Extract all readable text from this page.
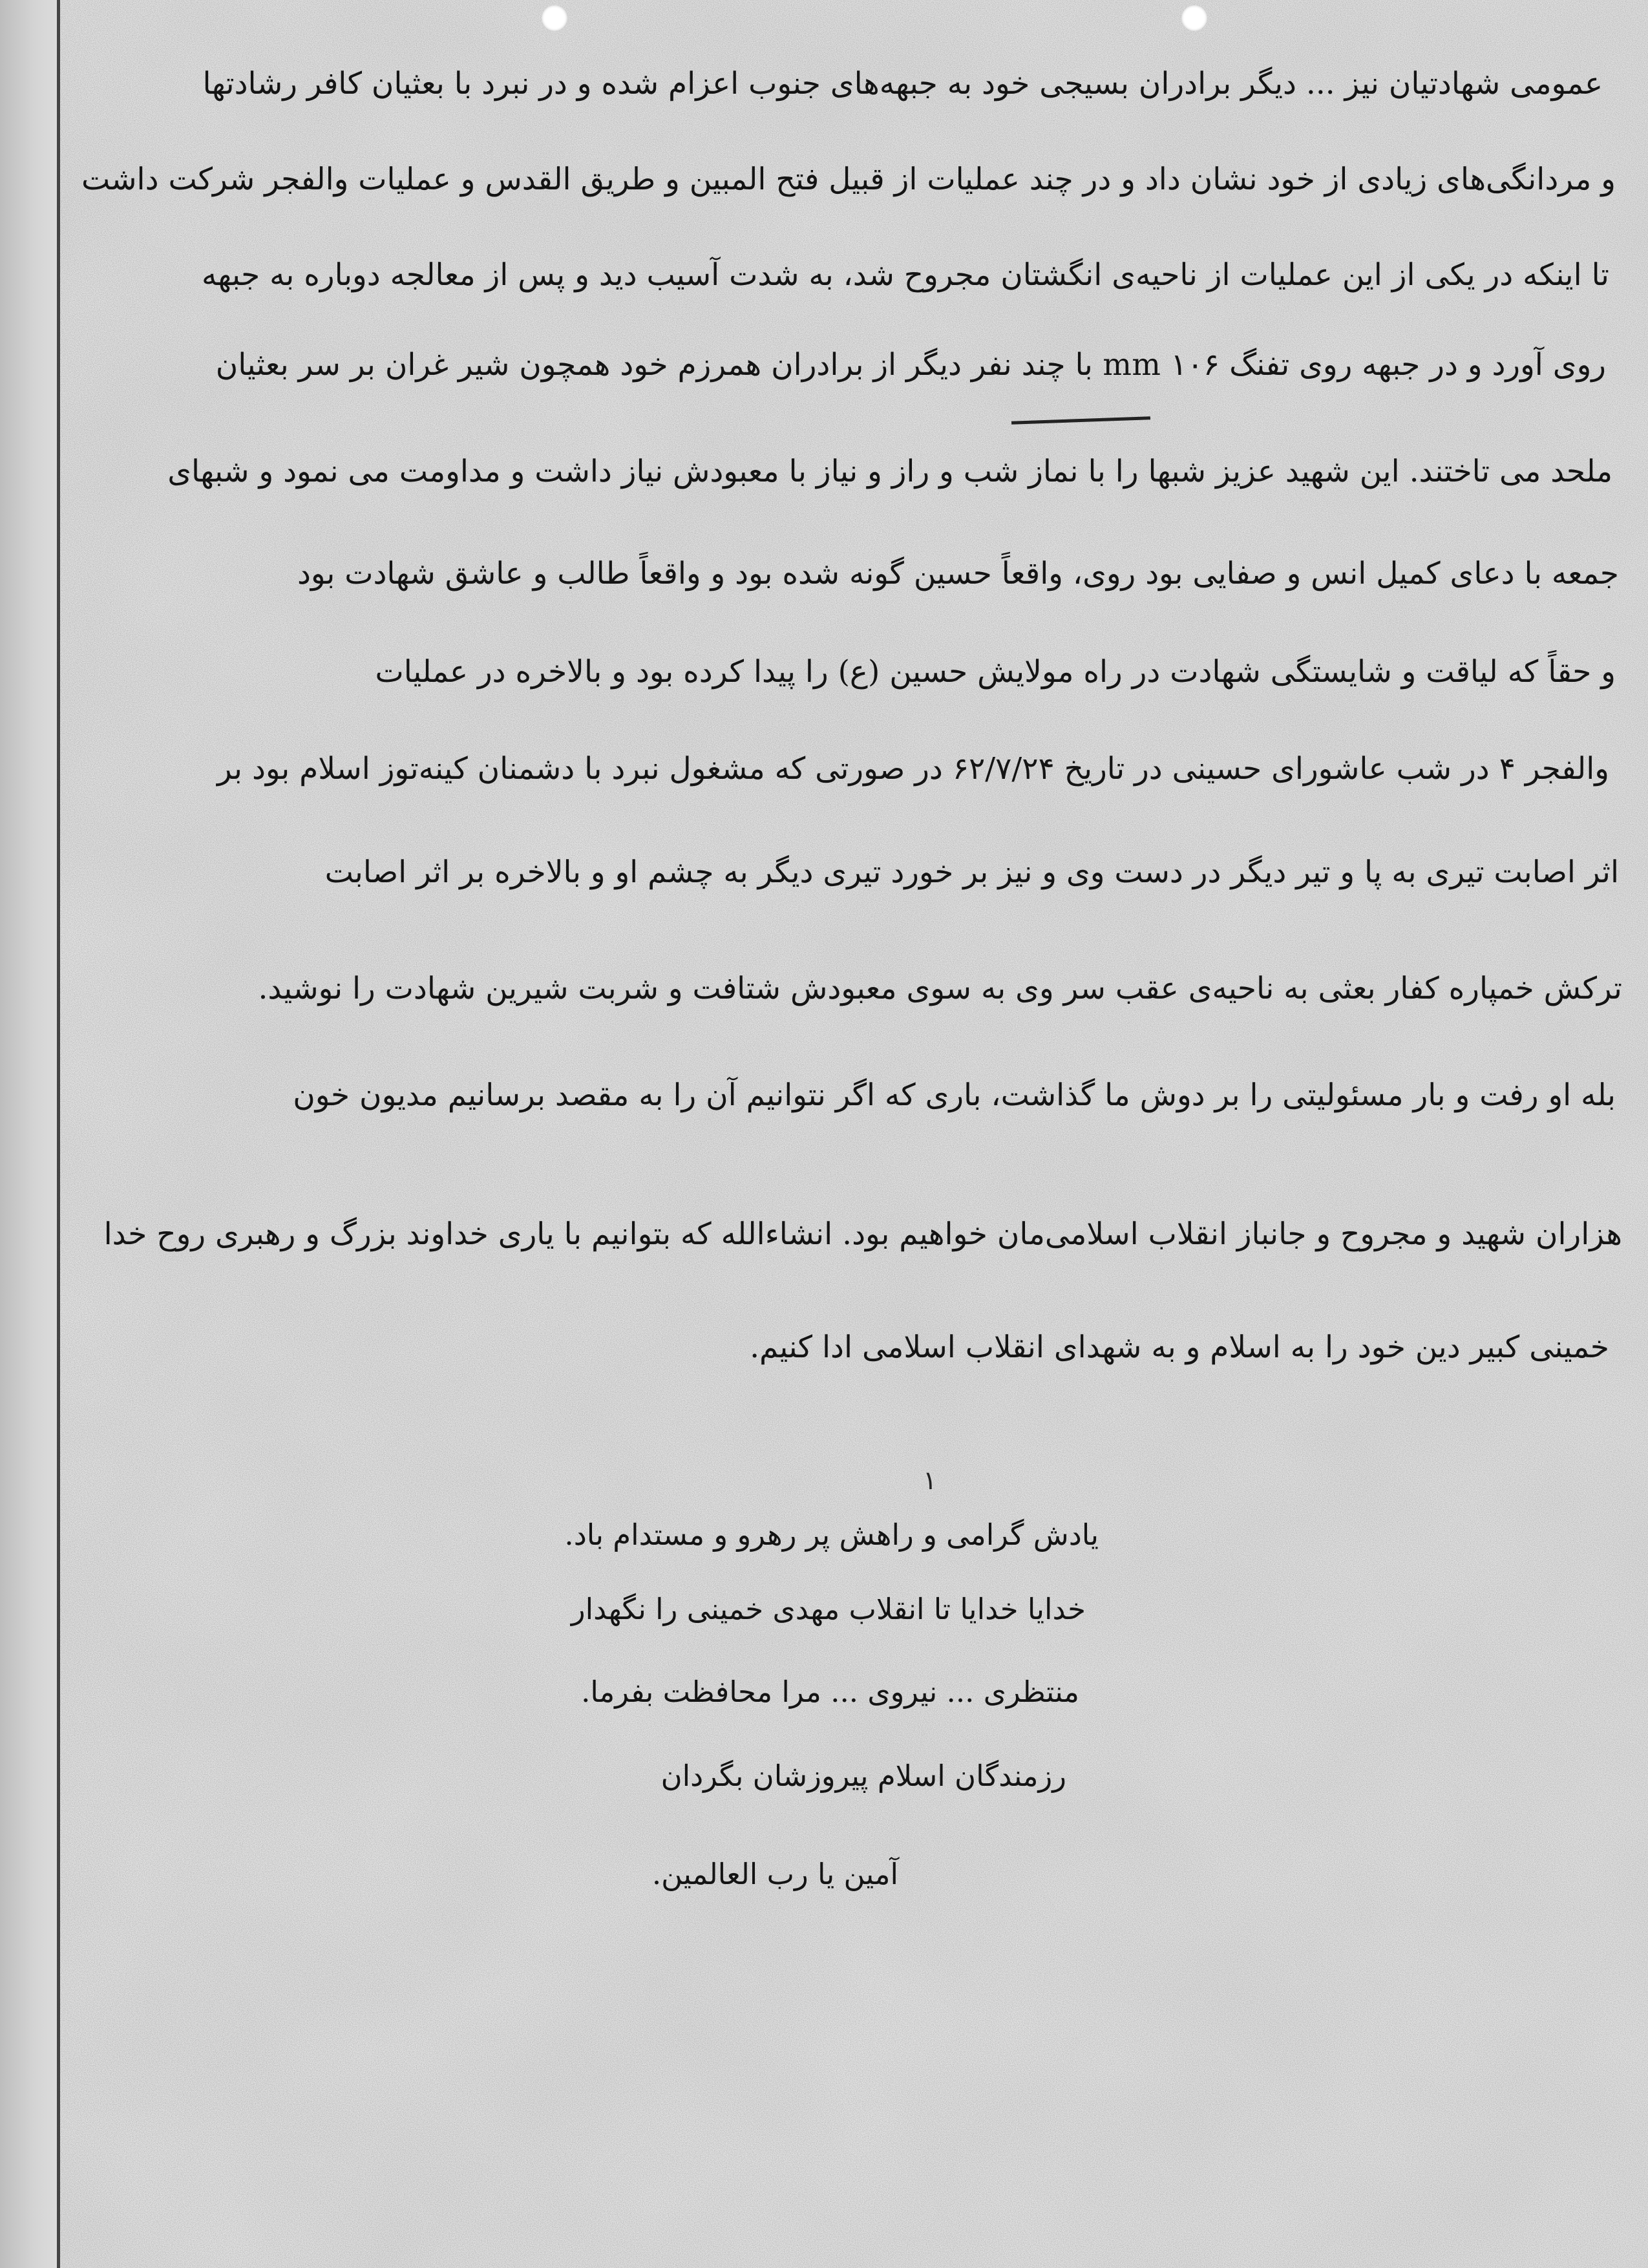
عمومی شهادتیان نیز ... دیگر برادران بسیجی خود به جبهه‌های جنوب اعزام شده و در نبرد با بعثیان کافر رشادتها
و مردانگی‌های زیادی از خود نشان داد و در چند عملیات از قبیل فتح المبین و طریق القدس و عملیات والفجر شرکت داشت
تا اینکه در یکی از این عملیات از ناحیه‌ی انگشتان مجروح شد، به شدت آسیب دید و پس از معالجه دوباره به جبهه
روی آورد و در جبهه روی تفنگ ۱۰۶ mm با چند نفر دیگر از برادران همرزم خود همچون شیر غران بر سر بعثیان
ملحد می تاختند. این شهید عزیز شبها را با نماز شب و راز و نیاز با معبودش نیاز داشت و مداومت می نمود و شبهای
جمعه با دعای کمیل انس و صفایی بود روی، واقعاً حسین گونه شده بود و واقعاً طالب و عاشق شهادت بود
و حقاً که لیاقت و شایستگی شهادت در راه مولایش حسین (ع) را پیدا کرده بود و بالاخره در عملیات
والفجر ۴ در شب عاشورای حسینی در تاریخ ۶۲/۷/۲۴ در صورتی که مشغول نبرد با دشمنان کینه‌توز اسلام بود بر
اثر اصابت تیری به پا و تیر دیگر در دست وی و نیز بر خورد تیری دیگر به چشم او و بالاخره بر اثر اصابت
ترکش خمپاره کفار بعثی به ناحیه‌ی عقب سر وی به سوی معبودش شتافت و شربت شیرین شهادت را نوشید.
بله او رفت و بار مسئولیتی را بر دوش ما گذاشت، باری که اگر نتوانیم آن را به مقصد برسانیم مدیون خون
هزاران شهید و مجروح و جانباز انقلاب اسلامی‌مان خواهیم بود. انشاءالله که بتوانیم با یاری خداوند بزرگ و رهبری روح خدا
خمینی کبیر دین خود را به اسلام و به شهدای انقلاب اسلامی ادا کنیم.
۱
یادش گرامی و راهش پر رهرو و مستدام باد.
خدایا خدایا تا انقلاب مهدی خمینی را نگهدار
منتظری ... نیروی ... مرا محافظت بفرما.
رزمندگان اسلام پیروزشان بگردان
آمین یا رب العالمین.
